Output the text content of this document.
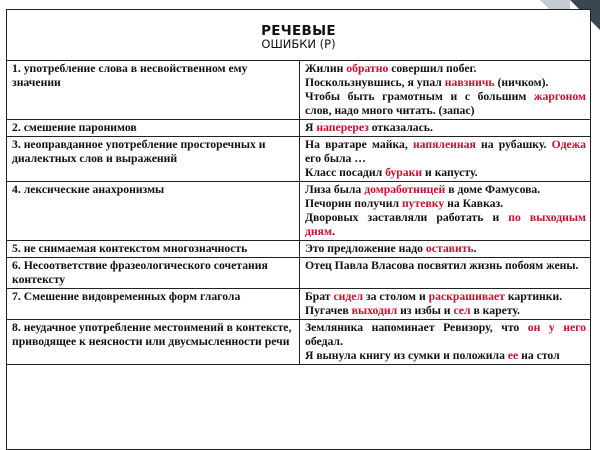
РЕЧЕВЫЕ
ОШИБКИ (Р)
1. употребление слова в несвойственном ему значении	Жилин обратно совершил побег.
Поскользнувшись, я упал навзничь (ничком).
Чтобы быть грамотным и с большим жаргоном слов, надо много читать. (запас)

2. смешение паронимов	Я наперерез отказалась.

3. неоправданное употребление просторечных и диалектных слов и выражений	На вратаре майка, напяленная на рубашку. Одежа его была …
Класс посадил бураки и капусту.

4. лексические анахронизмы	Лиза была домработницей в доме Фамусова.
Печорин получил путевку на Кавказ.
Дворовых заставляли работать и по выходным дням.

5. не снимаемая контекстом многозначность	Это предложение надо оставить.

6. Несоответствие фразеологического сочетания контексту	Отец Павла Власова посвятил жизнь побоям жены.

7. Смешение видовременных форм глагола	Брат сидел за столом и раскрашивает картинки.
Пугачев выходил из избы и сел в карету.

8. неудачное употребление местоимений в контексте, приводящее к неясности или двусмысленности речи	Земляника напоминает Ревизору, что он у него обедал.
Я вынула книгу из сумки и положила ее на стол
